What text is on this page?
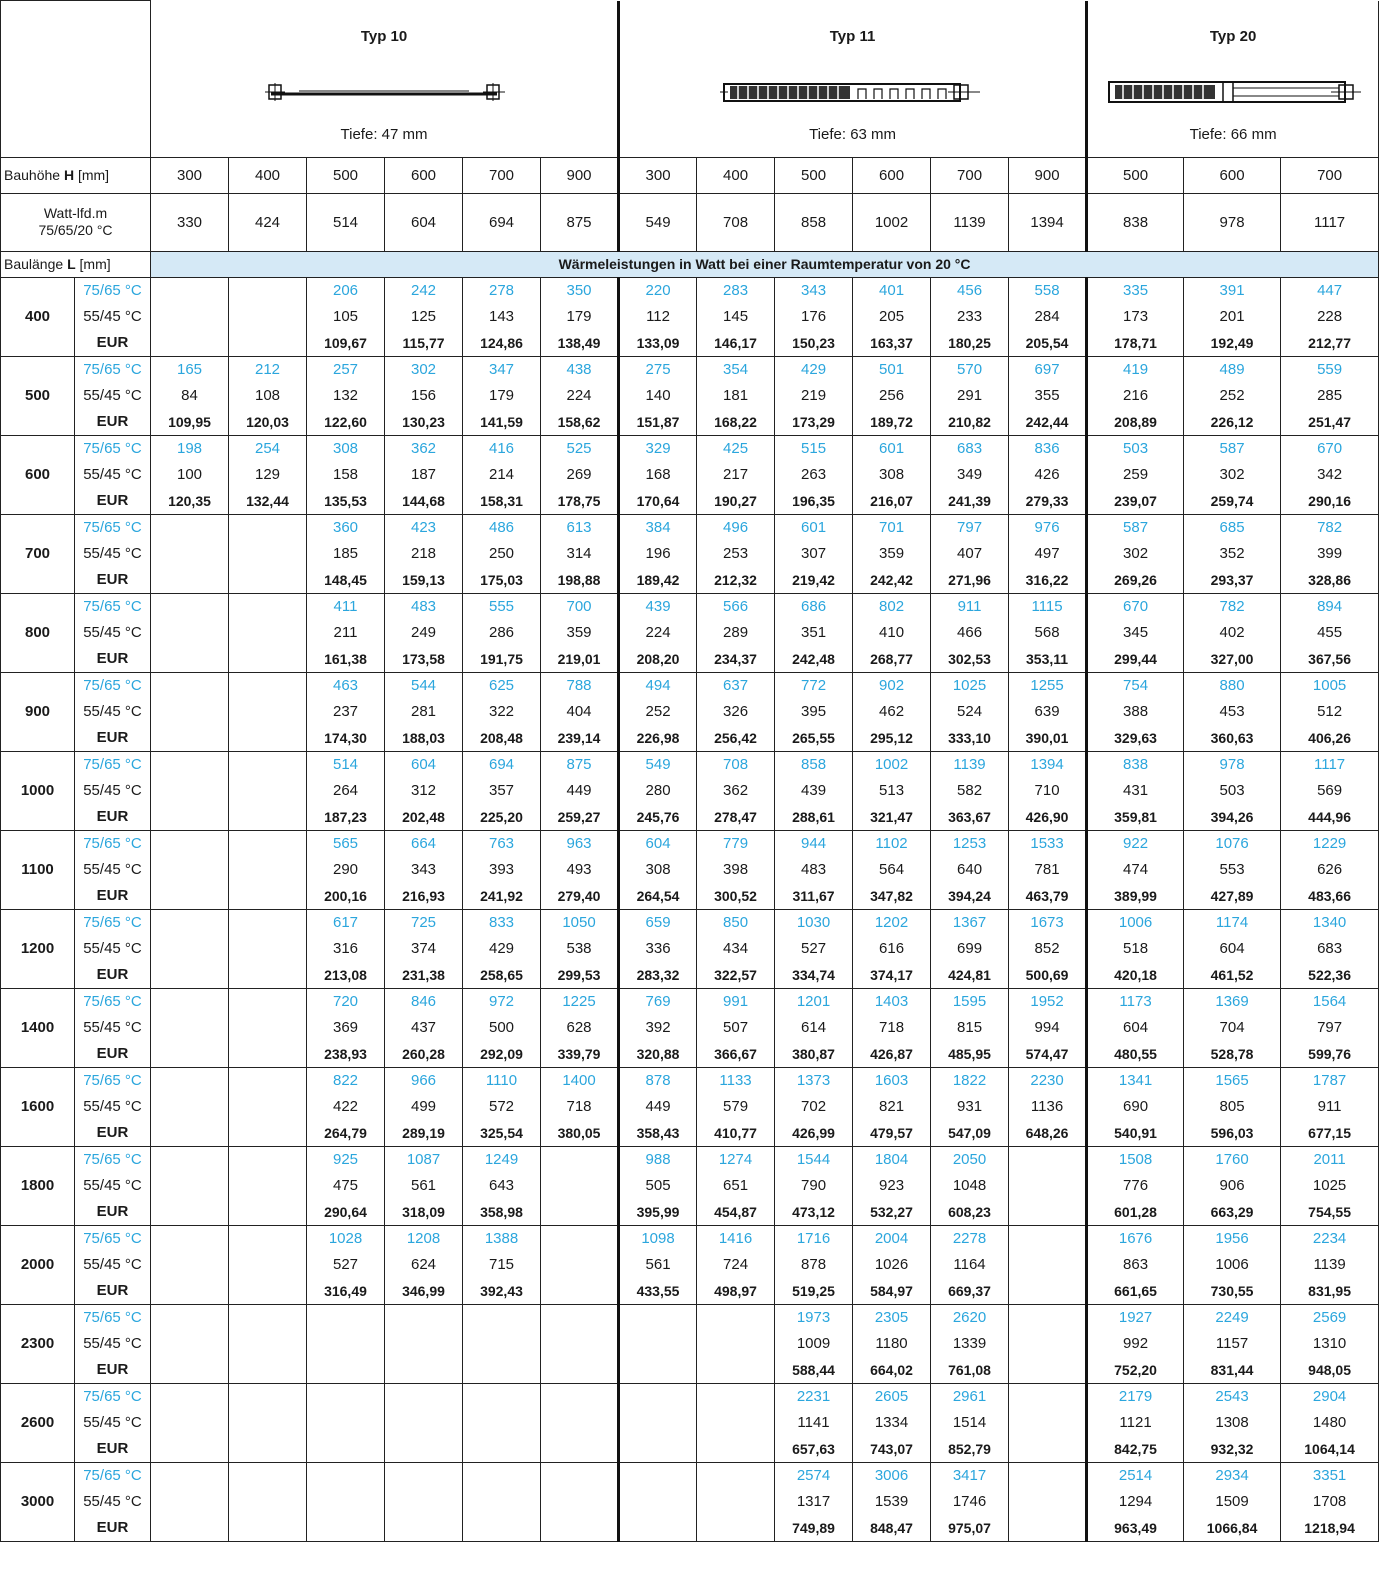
		Typ 10						Typ 11						Typ 20		

		Tiefe: 47 mm						Tiefe: 63 mm						Tiefe: 66 mm		
Bauhöhe H [mm]		300	400	500	600	700	900	300	400	500	600	700	900	500	600	700
Watt-lfd.m
75/65/20 °C		330	424	514	604	694	875	549	708	858	1002	1139	1394	838	978	1117
Baulänge L [mm]		Wärmeleistungen in Watt bei einer Raumtemperatur von 20 °C														
400	75/65 °C			206	242	278	350	220	283	343	401	456	558	335	391	447
	55/45 °C			105	125	143	179	112	145	176	205	233	284	173	201	228
	EUR			109,67	115,77	124,86	138,49	133,09	146,17	150,23	163,37	180,25	205,54	178,71	192,49	212,77
500	75/65 °C	165	212	257	302	347	438	275	354	429	501	570	697	419	489	559
	55/45 °C	84	108	132	156	179	224	140	181	219	256	291	355	216	252	285
	EUR	109,95	120,03	122,60	130,23	141,59	158,62	151,87	168,22	173,29	189,72	210,82	242,44	208,89	226,12	251,47
600	75/65 °C	198	254	308	362	416	525	329	425	515	601	683	836	503	587	670
	55/45 °C	100	129	158	187	214	269	168	217	263	308	349	426	259	302	342
	EUR	120,35	132,44	135,53	144,68	158,31	178,75	170,64	190,27	196,35	216,07	241,39	279,33	239,07	259,74	290,16
700	75/65 °C			360	423	486	613	384	496	601	701	797	976	587	685	782
	55/45 °C			185	218	250	314	196	253	307	359	407	497	302	352	399
	EUR			148,45	159,13	175,03	198,88	189,42	212,32	219,42	242,42	271,96	316,22	269,26	293,37	328,86
800	75/65 °C			411	483	555	700	439	566	686	802	911	1115	670	782	894
	55/45 °C			211	249	286	359	224	289	351	410	466	568	345	402	455
	EUR			161,38	173,58	191,75	219,01	208,20	234,37	242,48	268,77	302,53	353,11	299,44	327,00	367,56
900	75/65 °C			463	544	625	788	494	637	772	902	1025	1255	754	880	1005
	55/45 °C			237	281	322	404	252	326	395	462	524	639	388	453	512
	EUR			174,30	188,03	208,48	239,14	226,98	256,42	265,55	295,12	333,10	390,01	329,63	360,63	406,26
1000	75/65 °C			514	604	694	875	549	708	858	1002	1139	1394	838	978	1117
	55/45 °C			264	312	357	449	280	362	439	513	582	710	431	503	569
	EUR			187,23	202,48	225,20	259,27	245,76	278,47	288,61	321,47	363,67	426,90	359,81	394,26	444,96
1100	75/65 °C			565	664	763	963	604	779	944	1102	1253	1533	922	1076	1229
	55/45 °C			290	343	393	493	308	398	483	564	640	781	474	553	626
	EUR			200,16	216,93	241,92	279,40	264,54	300,52	311,67	347,82	394,24	463,79	389,99	427,89	483,66
1200	75/65 °C			617	725	833	1050	659	850	1030	1202	1367	1673	1006	1174	1340
	55/45 °C			316	374	429	538	336	434	527	616	699	852	518	604	683
	EUR			213,08	231,38	258,65	299,53	283,32	322,57	334,74	374,17	424,81	500,69	420,18	461,52	522,36
1400	75/65 °C			720	846	972	1225	769	991	1201	1403	1595	1952	1173	1369	1564
	55/45 °C			369	437	500	628	392	507	614	718	815	994	604	704	797
	EUR			238,93	260,28	292,09	339,79	320,88	366,67	380,87	426,87	485,95	574,47	480,55	528,78	599,76
1600	75/65 °C			822	966	1110	1400	878	1133	1373	1603	1822	2230	1341	1565	1787
	55/45 °C			422	499	572	718	449	579	702	821	931	1136	690	805	911
	EUR			264,79	289,19	325,54	380,05	358,43	410,77	426,99	479,57	547,09	648,26	540,91	596,03	677,15
1800	75/65 °C			925	1087	1249		988	1274	1544	1804	2050		1508	1760	2011
	55/45 °C			475	561	643		505	651	790	923	1048		776	906	1025
	EUR			290,64	318,09	358,98		395,99	454,87	473,12	532,27	608,23		601,28	663,29	754,55
2000	75/65 °C			1028	1208	1388		1098	1416	1716	2004	2278		1676	1956	2234
	55/45 °C			527	624	715		561	724	878	1026	1164		863	1006	1139
	EUR			316,49	346,99	392,43		433,55	498,97	519,25	584,97	669,37		661,65	730,55	831,95
2300	75/65 °C									1973	2305	2620		1927	2249	2569
	55/45 °C									1009	1180	1339		992	1157	1310
	EUR									588,44	664,02	761,08		752,20	831,44	948,05
2600	75/65 °C									2231	2605	2961		2179	2543	2904
	55/45 °C									1141	1334	1514		1121	1308	1480
	EUR									657,63	743,07	852,79		842,75	932,32	1064,14
3000	75/65 °C									2574	3006	3417		2514	2934	3351
	55/45 °C									1317	1539	1746		1294	1509	1708
	EUR									749,89	848,47	975,07		963,49	1066,84	1218,94
